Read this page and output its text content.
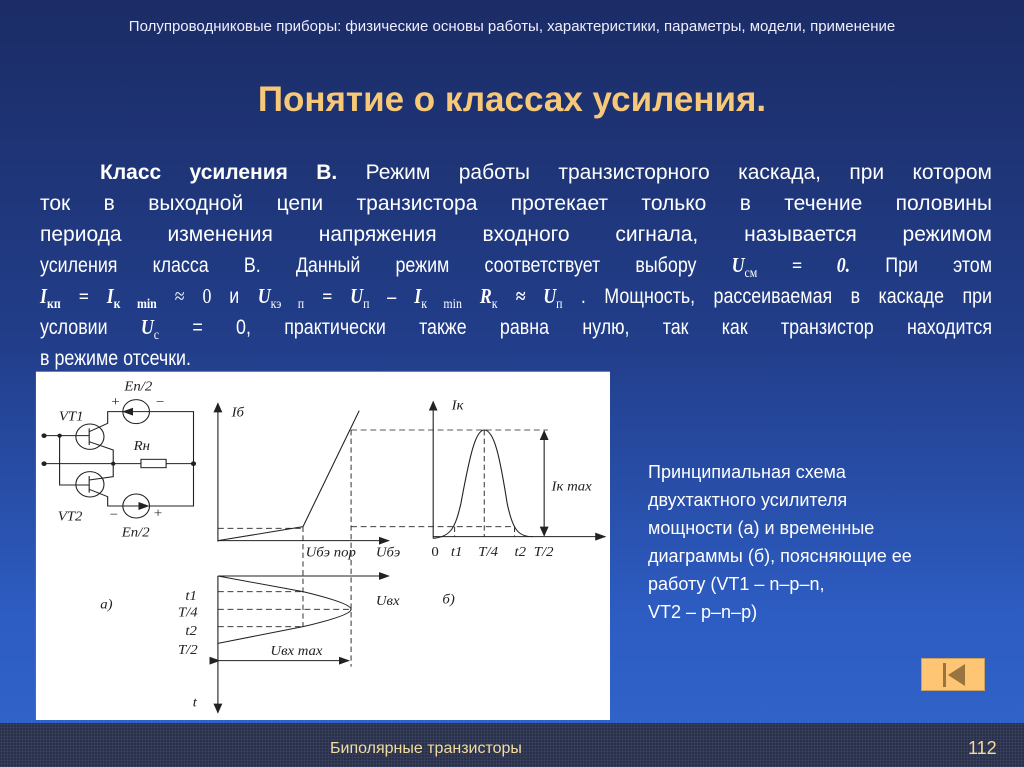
Полупроводниковые приборы: физические основы работы, характеристики, параметры, модели, применение
Понятие о классах усиления.
Класс усиления В. Режим работы транзисторного каскада, при котором
ток в выходной цепи транзистора протекает только в течение половины
периода изменения напряжения входного сигнала, называется режимом
усиления класса В. Данный режим соответствует выбору $U_{см} = 0$. При этом
$I_{кп} = I_{к min} \approx 0$ и $U_{кэ п} = U_п - I_{к min}$ $R_к \approx U_п$ . Мощность, рассеиваемая в каскаде при
условии $U_с = 0$, практически также равна нулю, так как транзистор находится
в режиме отсечки.
Eп/2
+ −
VT1
Rн
VT2 − +
Eп/2
Iб
Uбэ пор Uбэ
t1
T/4
t2
T/2
Uвх
Uвх max
t
а)	б)
Iк
Iк max
0 t1 T/4 t2 T/2
Принципиальная схема
двухтактного усилителя
мощности (а) и временные
диаграммы (б), поясняющие ее
работу (VT1 – n–p–n,
VT2 – p–n–p)
Биполярные транзисторы	112
